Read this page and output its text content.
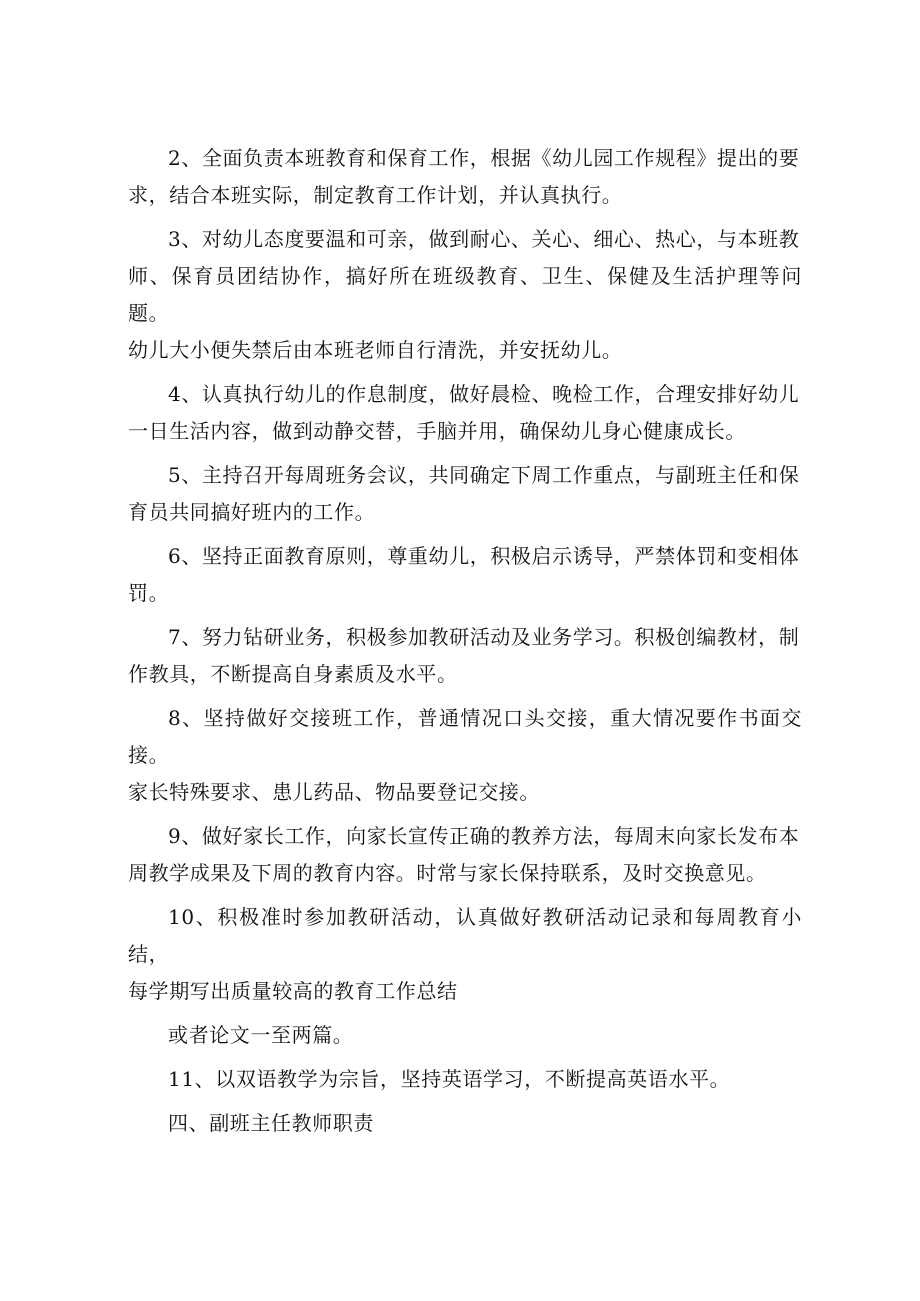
2、全面负责本班教育和保育工作，根据《幼儿园工作规程》提出的要
求，结合本班实际，制定教育工作计划，并认真执行。
3、对幼儿态度要温和可亲，做到耐心、关心、细心、热心，与本班教
师、保育员团结协作，搞好所在班级教育、卫生、保健及生活护理等问题。
幼儿大小便失禁后由本班老师自行清洗，并安抚幼儿。
4、认真执行幼儿的作息制度，做好晨检、晚检工作，合理安排好幼儿
一日生活内容，做到动静交替，手脑并用，确保幼儿身心健康成长。
5、主持召开每周班务会议，共同确定下周工作重点，与副班主任和保
育员共同搞好班内的工作。
6、坚持正面教育原则，尊重幼儿，积极启示诱导，严禁体罚和变相体
罚。
7、努力钻研业务，积极参加教研活动及业务学习。积极创编教材，制
作教具，不断提高自身素质及水平。
8、坚持做好交接班工作，普通情况口头交接，重大情况要作书面交接。
家长特殊要求、患儿药品、物品要登记交接。
9、做好家长工作，向家长宣传正确的教养方法，每周末向家长发布本
周教学成果及下周的教育内容。时常与家长保持联系，及时交换意见。
10、积极准时参加教研活动，认真做好教研活动记录和每周教育小结，
每学期写出质量较高的教育工作总结
或者论文一至两篇。
11、以双语教学为宗旨，坚持英语学习，不断提高英语水平。
四、副班主任教师职责
